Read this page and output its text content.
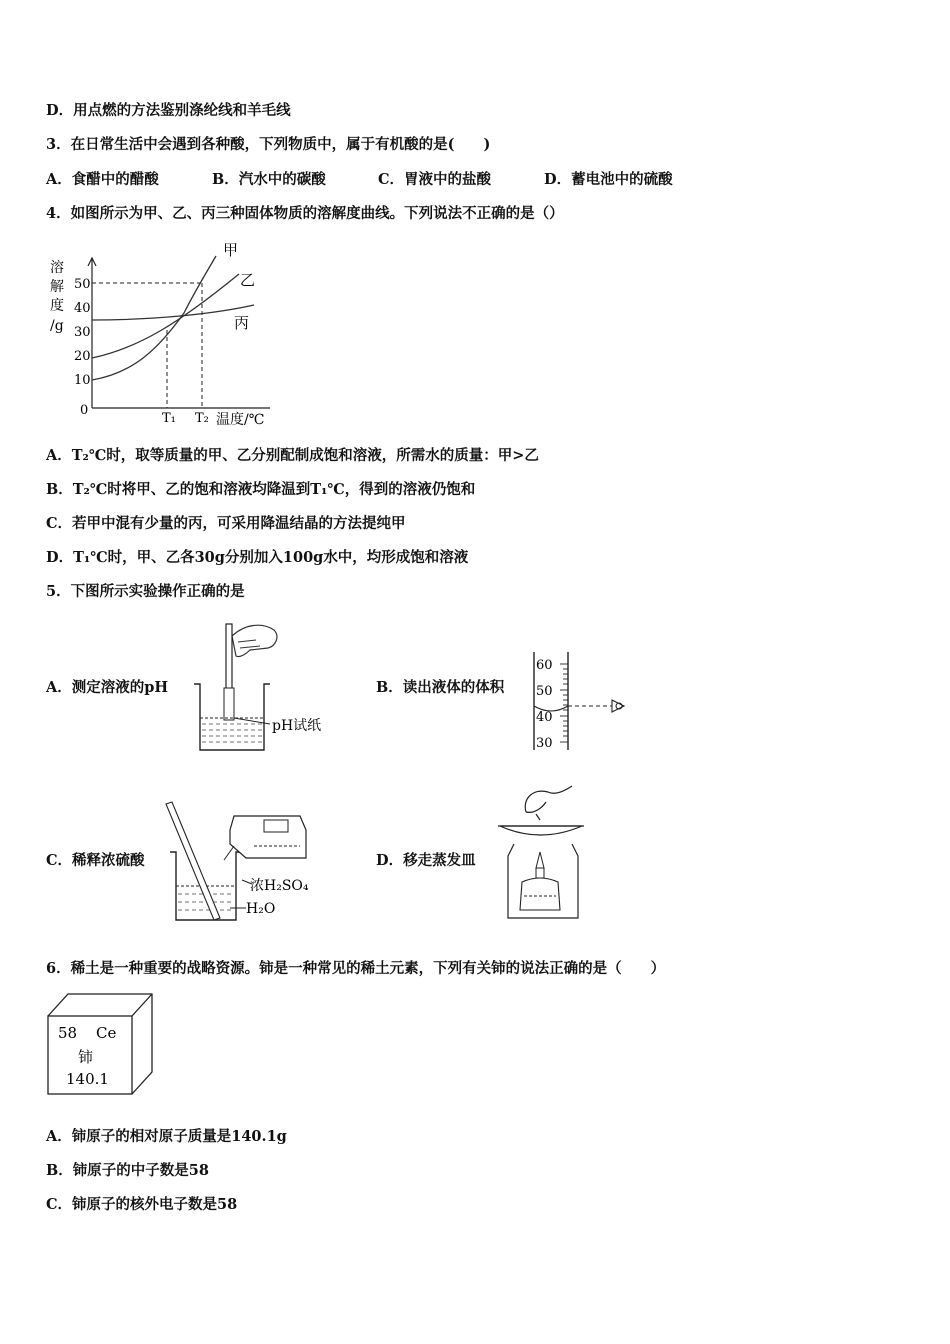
D．用点燃的方法鉴别涤纶线和羊毛线
3．在日常生活中会遇到各种酸，下列物质中，属于有机酸的是(　　)
A．食醋中的醋酸	B．汽水中的碳酸	C．胃液中的盐酸	D．蓄电池中的硫酸
4．如图所示为甲、乙、丙三种固体物质的溶解度曲线。下列说法不正确的是（）
溶
解
度
/g
50
40
30
20
10
0
甲
乙
丙
T₁ T₂ 温度/℃
A．T₂℃时，取等质量的甲、乙分别配制成饱和溶液，所需水的质量：甲>乙
B．T₂℃时将甲、乙的饱和溶液均降温到T₁℃，得到的溶液仍饱和
C．若甲中混有少量的丙，可采用降温结晶的方法提纯甲
D．T₁℃时，甲、乙各30g分别加入100g水中，均形成饱和溶液
5．下图所示实验操作正确的是
A．测定溶液的pH
pH试纸
B．读出液体的体积
60
50
40
30
C．稀释浓硫酸
浓H₂SO₄
H₂O
D．移走蒸发皿
6．稀土是一种重要的战略资源。铈是一种常见的稀土元素，下列有关铈的说法正确的是（　　）
58 Ce
铈
140.1
A．铈原子的相对原子质量是140.1g
B．铈原子的中子数是58
C．铈原子的核外电子数是58
